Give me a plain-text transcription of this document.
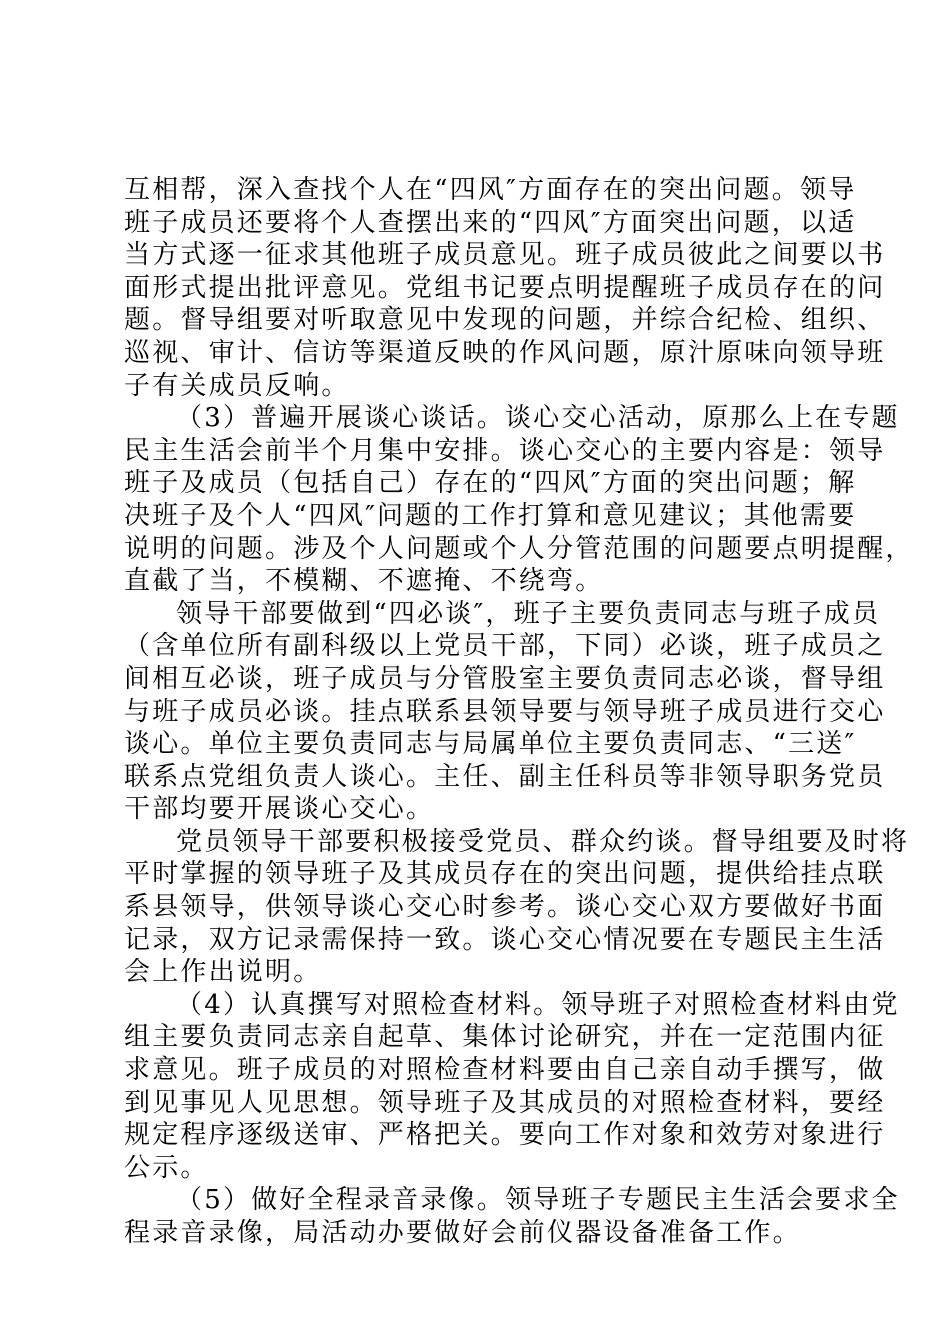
互相帮，深入查找个人在“四风″方面存在的突出问题。领导
班子成员还要将个人查摆出来的“四风″方面突出问题，以适
当方式逐一征求其他班子成员意见。班子成员彼此之间要以书
面形式提出批评意见。党组书记要点明提醒班子成员存在的问
题。督导组要对听取意见中发现的问题，并综合纪检、组织、
巡视、审计、信访等渠道反映的作风问题，原汁原味向领导班
子有关成员反响。
（3）普遍开展谈心谈话。谈心交心活动，原那么上在专题
民主生活会前半个月集中安排。谈心交心的主要内容是：领导
班子及成员（包括自己）存在的“四风″方面的突出问题；解
决班子及个人“四风″问题的工作打算和意见建议；其他需要
说明的问题。涉及个人问题或个人分管范围的问题要点明提醒，
直截了当，不模糊、不遮掩、不绕弯。
领导干部要做到“四必谈″，班子主要负责同志与班子成员
（含单位所有副科级以上党员干部，下同）必谈，班子成员之
间相互必谈，班子成员与分管股室主要负责同志必谈，督导组
与班子成员必谈。挂点联系县领导要与领导班子成员进行交心
谈心。单位主要负责同志与局属单位主要负责同志、“三送″
联系点党组负责人谈心。主任、副主任科员等非领导职务党员
干部均要开展谈心交心。
党员领导干部要积极接受党员、群众约谈。督导组要及时将
平时掌握的领导班子及其成员存在的突出问题，提供给挂点联
系县领导，供领导谈心交心时参考。谈心交心双方要做好书面
记录，双方记录需保持一致。谈心交心情况要在专题民主生活
会上作出说明。
（4）认真撰写对照检查材料。领导班子对照检查材料由党
组主要负责同志亲自起草、集体讨论研究，并在一定范围内征
求意见。班子成员的对照检查材料要由自己亲自动手撰写，做
到见事见人见思想。领导班子及其成员的对照检查材料，要经
规定程序逐级送审、严格把关。要向工作对象和效劳对象进行
公示。
（5）做好全程录音录像。领导班子专题民主生活会要求全
程录音录像，局活动办要做好会前仪器设备准备工作。
